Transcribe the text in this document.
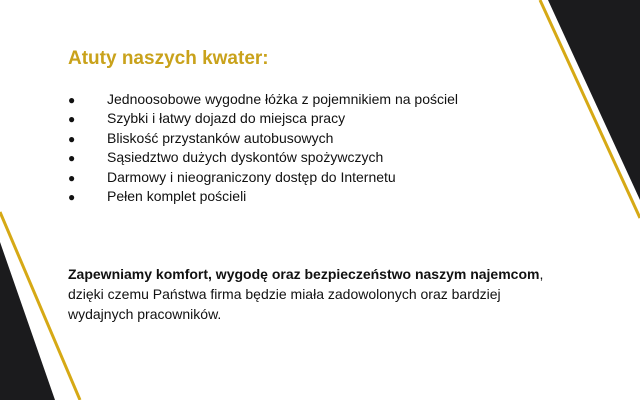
Atuty naszych kwater:
● Jednoosobowe wygodne łóżka z pojemnikiem na pościel
● Szybki i łatwy dojazd do miejsca pracy
● Bliskość przystanków autobusowych
● Sąsiedztwo dużych dyskontów spożywczych
● Darmowy i nieograniczony dostęp do Internetu
● Pełen komplet pościeli

Zapewniamy komfort, wygodę oraz bezpieczeństwo naszym najemcom, dzięki czemu Państwa firma będzie miała zadowolonych oraz bardziej wydajnych pracowników.
